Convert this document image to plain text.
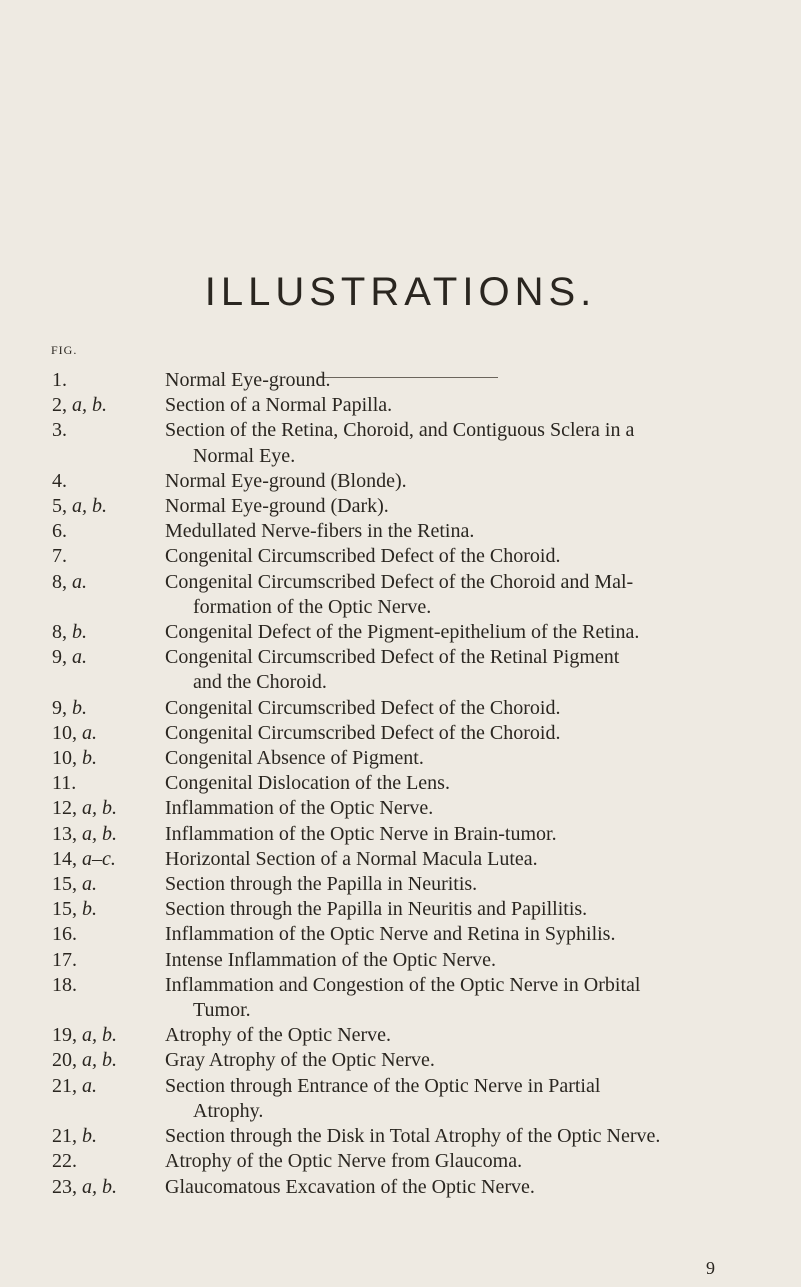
ILLUSTRATIONS.
FIG.
1.	Normal Eye-ground.
2, a, b.	Section of a Normal Papilla.
3.	Section of the Retina, Choroid, and Contiguous Sclera in a
Normal Eye.
4.	Normal Eye-ground (Blonde).
5, a, b.	Normal Eye-ground (Dark).
6.	Medullated Nerve-fibers in the Retina.
7.	Congenital Circumscribed Defect of the Choroid.
8, a.	Congenital Circumscribed Defect of the Choroid and Mal-
formation of the Optic Nerve.
8, b.	Congenital Defect of the Pigment-epithelium of the Retina.
9, a.	Congenital Circumscribed Defect of the Retinal Pigment
and the Choroid.
9, b.	Congenital Circumscribed Defect of the Choroid.
10, a.	Congenital Circumscribed Defect of the Choroid.
10, b.	Congenital Absence of Pigment.
11.	Congenital Dislocation of the Lens.
12, a, b. Inflammation of the Optic Nerve.
13, a, b. Inflammation of the Optic Nerve in Brain-tumor.
14, a–c. Horizontal Section of a Normal Macula Lutea.
15, a.	Section through the Papilla in Neuritis.
15, b.	Section through the Papilla in Neuritis and Papillitis.
16.	Inflammation of the Optic Nerve and Retina in Syphilis.
17.	Intense Inflammation of the Optic Nerve.
18.	Inflammation and Congestion of the Optic Nerve in Orbital
Tumor.
19, a, b. Atrophy of the Optic Nerve.
20, a, b. Gray Atrophy of the Optic Nerve.
21, a.	Section through Entrance of the Optic Nerve in Partial
Atrophy.
21, b.	Section through the Disk in Total Atrophy of the Optic Nerve.
22.	Atrophy of the Optic Nerve from Glaucoma.
23, a, b. Glaucomatous Excavation of the Optic Nerve.
9
